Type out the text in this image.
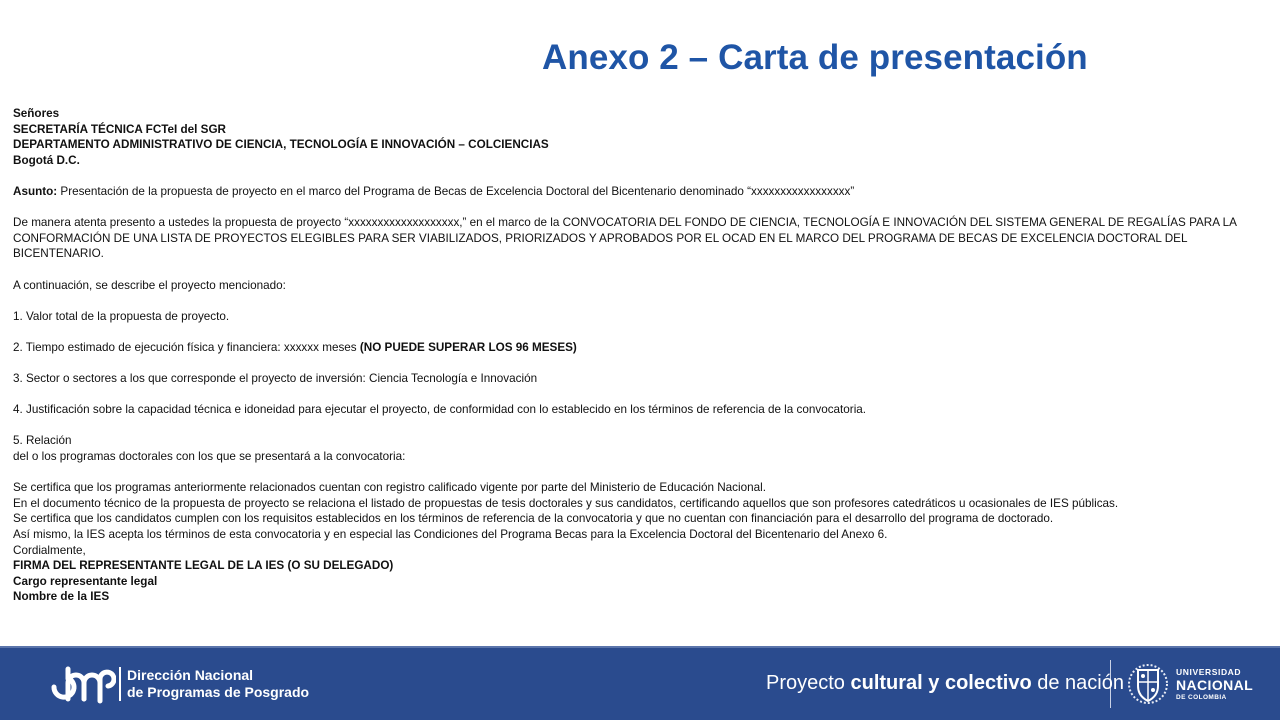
Anexo 2 – Carta de presentación

Señores

SECRETARÍA TÉCNICA FCTeI del SGR

DEPARTAMENTO ADMINISTRATIVO DE CIENCIA, TECNOLOGÍA E INNOVACIÓN – COLCIENCIAS

Bogotá D.C.

Asunto: Presentación de la propuesta de proyecto en el marco del Programa de Becas de Excelencia Doctoral del Bicentenario denominado “xxxxxxxxxxxxxxxxx”

De manera atenta presento a ustedes la propuesta de proyecto “xxxxxxxxxxxxxxxxxxx,” en el marco de la CONVOCATORIA DEL FONDO DE CIENCIA, TECNOLOGÍA E INNOVACIÓN DEL SISTEMA GENERAL DE REGALÍAS PARA LA CONFORMACIÓN DE UNA LISTA DE PROYECTOS ELEGIBLES PARA SER VIABILIZADOS, PRIORIZADOS Y APROBADOS POR EL OCAD EN EL MARCO DEL PROGRAMA DE BECAS DE EXCELENCIA DOCTORAL DEL BICENTENARIO.

A continuación, se describe el proyecto mencionado:

1. Valor total de la propuesta de proyecto.

2. Tiempo estimado de ejecución física y financiera: xxxxxx meses (NO PUEDE SUPERAR LOS 96 MESES)

3. Sector o sectores a los que corresponde el proyecto de inversión: Ciencia Tecnología e Innovación

4. Justificación sobre la capacidad técnica e idoneidad para ejecutar el proyecto, de conformidad con lo establecido en los términos de referencia de la convocatoria.

5. Relación

del o los programas doctorales con los que se presentará a la convocatoria:

Se certifica que los programas anteriormente relacionados cuentan con registro calificado vigente por parte del Ministerio de Educación Nacional.

En el documento técnico de la propuesta de proyecto se relaciona el listado de propuestas de tesis doctorales y sus candidatos, certificando aquellos que son profesores catedráticos u ocasionales de IES públicas.

Se certifica que los candidatos cumplen con los requisitos establecidos en los términos de referencia de la convocatoria y que no cuentan con financiación para el desarrollo del programa de doctorado.

Así mismo, la IES acepta los términos de esta convocatoria y en especial las Condiciones del Programa Becas para la Excelencia Doctoral del Bicentenario del Anexo 6.

Cordialmente,

FIRMA DEL REPRESENTANTE LEGAL DE LA IES (O SU DELEGADO)

Cargo representante legal

Nombre de la IES

Dirección Nacional
de Programas de Posgrado
UNIVERSIDAD
NACIONAL
DE COLOMBIA
Proyecto cultural y colectivo de nación
